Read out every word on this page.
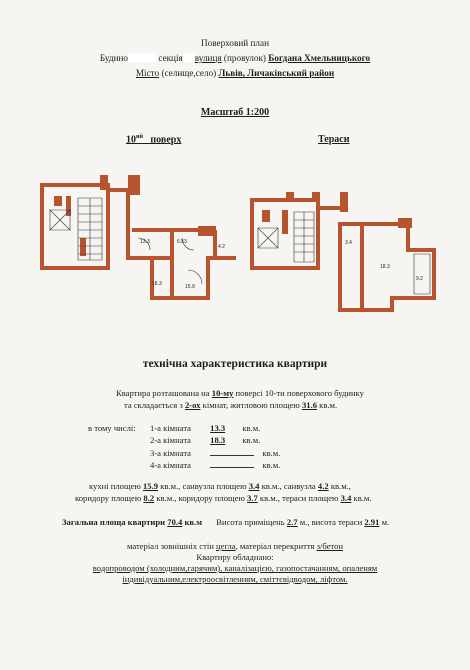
Поверховий план
Будино	секція вулиця (провулок) Богдана Хмельницького
Місто (селище,село) Львів, Личаківський район
Масштаб 1:200
$10^{ий}$ поверх	Тераси
13.3	6.53
18.3	15.9
4.2
3.4
18.3
9.2
технічна характеристика квартири
Квартира розташована на 10-му поверсі 10-ти поверхового будинку
та складається з 2-ох кімнат, житловою площею 31.6 кв.м.
в тому числі: 1-а кімната 13.3 кв.м.
2-а кімната 18.3 кв.м.
3-а кімната	кв.м.
4-а кімната	кв.м.
кухні площею 15.9 кв.м., санвузла площею 3.4 кв.м., санвузла 4.2 кв.м.,
коридору площею 8.2 кв.м., коридору площею 3.7 кв.м., тераси площею 3.4 кв.м.
Загальна площа квартири 70.4 кв.м Висота приміщень 2.7 м., висота тераси 2.91 м.
матеріал зовнішніх стін цегла, матеріал перекриття з/бетон
Квартиру обладнано:
водопроводом (холодним,гарячим), каналізацією, газопостачанням, опаленям
індивідуальним,електроосвітленням, сміттєвідводом, ліфтом.
